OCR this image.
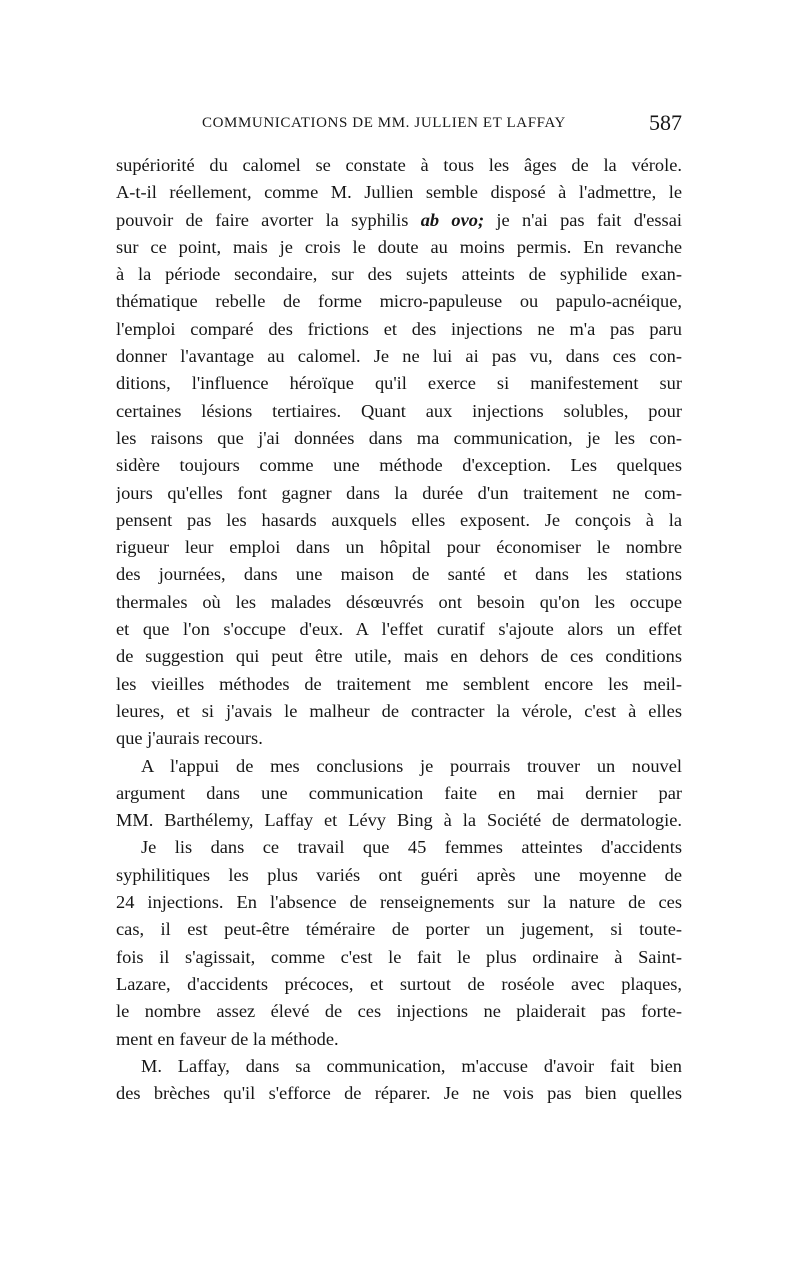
COMMUNICATIONS DE MM. JULLIEN ET LAFFAY	587
supériorité du calomel se constate à tous les âges de la vérole.
A-t-il réellement, comme M. Jullien semble disposé à l'admettre, le
pouvoir de faire avorter la syphilis ab ovo; je n'ai pas fait d'essai
sur ce point, mais je crois le doute au moins permis. En revanche
à la période secondaire, sur des sujets atteints de syphilide exan-
thématique rebelle de forme micro-papuleuse ou papulo-acnéique,
l'emploi comparé des frictions et des injections ne m'a pas paru
donner l'avantage au calomel. Je ne lui ai pas vu, dans ces con-
ditions, l'influence héroïque qu'il exerce si manifestement sur
certaines lésions tertiaires. Quant aux injections solubles, pour
les raisons que j'ai données dans ma communication, je les con-
sidère toujours comme une méthode d'exception. Les quelques
jours qu'elles font gagner dans la durée d'un traitement ne com-
pensent pas les hasards auxquels elles exposent. Je conçois à la
rigueur leur emploi dans un hôpital pour économiser le nombre
des journées, dans une maison de santé et dans les stations
thermales où les malades désœuvrés ont besoin qu'on les occupe
et que l'on s'occupe d'eux. A l'effet curatif s'ajoute alors un effet
de suggestion qui peut être utile, mais en dehors de ces conditions
les vieilles méthodes de traitement me semblent encore les meil-
leures, et si j'avais le malheur de contracter la vérole, c'est à elles
que j'aurais recours.
A l'appui de mes conclusions je pourrais trouver un nouvel
argument dans une communication faite en mai dernier par
MM. Barthélemy, Laffay et Lévy Bing à la Société de dermatologie.
Je lis dans ce travail que 45 femmes atteintes d'accidents
syphilitiques les plus variés ont guéri après une moyenne de
24 injections. En l'absence de renseignements sur la nature de ces
cas, il est peut-être téméraire de porter un jugement, si toute-
fois il s'agissait, comme c'est le fait le plus ordinaire à Saint-
Lazare, d'accidents précoces, et surtout de roséole avec plaques,
le nombre assez élevé de ces injections ne plaiderait pas forte-
ment en faveur de la méthode.
M. Laffay, dans sa communication, m'accuse d'avoir fait bien
des brèches qu'il s'efforce de réparer. Je ne vois pas bien quelles
